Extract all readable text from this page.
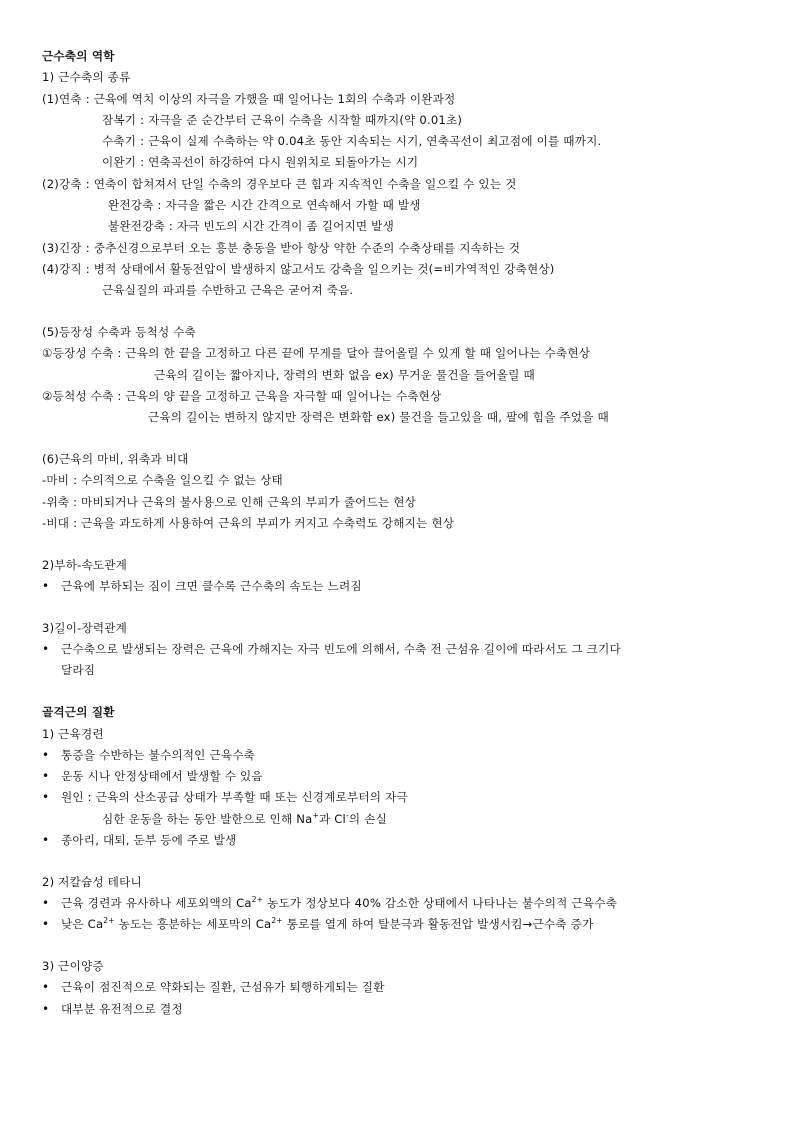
근수축의 역학
1) 근수축의 종류
(1)연축 : 근육에 역치 이상의 자극을 가했을 때 일어나는 1회의 수축과 이완과정
잠복기 : 자극을 준 순간부터 근육이 수축을 시작할 때까지(약 0.01초)
수축기 : 근육이 실제 수축하는 약 0.04초 동안 지속되는 시기, 연축곡선이 최고점에 이를 때까지.
이완기 : 연축곡선이 하강하여 다시 원위치로 되돌아가는 시기
(2)강축 : 연축이 합쳐져서 단일 수축의 경우보다 큰 힘과 지속적인 수축을 일으킬 수 있는 것
완전강축 : 자극을 짧은 시간 간격으로 연속해서 가할 때 발생
불완전강축 : 자극 빈도의 시간 간격이 좀 길어지면 발생
(3)긴장 : 중추신경으로부터 오는 흥분 충동을 받아 항상 약한 수준의 수축상태를 지속하는 것
(4)강직 : 병적 상태에서 활동전압이 발생하지 않고서도 강축을 일으키는 것(=비가역적인 강축현상)
근육실질의 파괴를 수반하고 근육은 굳어져 죽음.
(5)등장성 수축과 등척성 수축
①등장성 수축 : 근육의 한 끝을 고정하고 다른 끝에 무게를 달아 끌어올릴 수 있게 할 때 일어나는 수축현상
근육의 길이는 짧아지나, 장력의 변화 없음 ex) 무거운 물건을 들어올릴 때
②등척성 수축 : 근육의 양 끝을 고정하고 근육을 자극할 때 일어나는 수축현상
근육의 길이는 변하지 않지만 장력은 변화함 ex) 물건을 들고있을 때, 팔에 힘을 주었을 때
(6)근육의 마비, 위축과 비대
-마비 : 수의적으로 수축을 일으킬 수 없는 상태
-위축 : 마비되거나 근육의 불사용으로 인해 근육의 부피가 줄어드는 현상
-비대 : 근육을 과도하게 사용하여 근육의 부피가 커지고 수축력도 강해지는 현상
2)부하-속도관계
• 근육에 부하되는 짐이 크면 클수록 근수축의 속도는 느려짐
3)길이-장력관계
• 근수축으로 발생되는 장력은 근육에 가해지는 자극 빈도에 의해서, 수축 전 근섬유 길이에 따라서도 그 크기다
달라짐
골격근의 질환
1) 근육경련
• 통증을 수반하는 불수의적인 근육수축
• 운동 시나 안정상태에서 발생할 수 있음
• 원인 : 근육의 산소공급 상태가 부족할 때 또는 신경계로부터의 자극
심한 운동을 하는 동안 발한으로 인해 Na+과 Cl-의 손실
• 종아리, 대퇴, 둔부 등에 주로 발생
2) 저칼슘성 테타니
• 근육 경련과 유사하나 세포외액의 $Ca^{2+}$ 농도가 정상보다 40% 감소한 상태에서 나타나는 불수의적 근육수축
• 낮은 $Ca^{2+}$ 농도는 흥분하는 세포막의 $Ca^{2+}$ 통로를 열게 하여 탈분극과 활동전압 발생시킴→근수축 증가
3) 근이양증
• 근육이 점진적으로 약화되는 질환, 근섬유가 퇴행하게되는 질환
• 대부분 유전적으로 결정
